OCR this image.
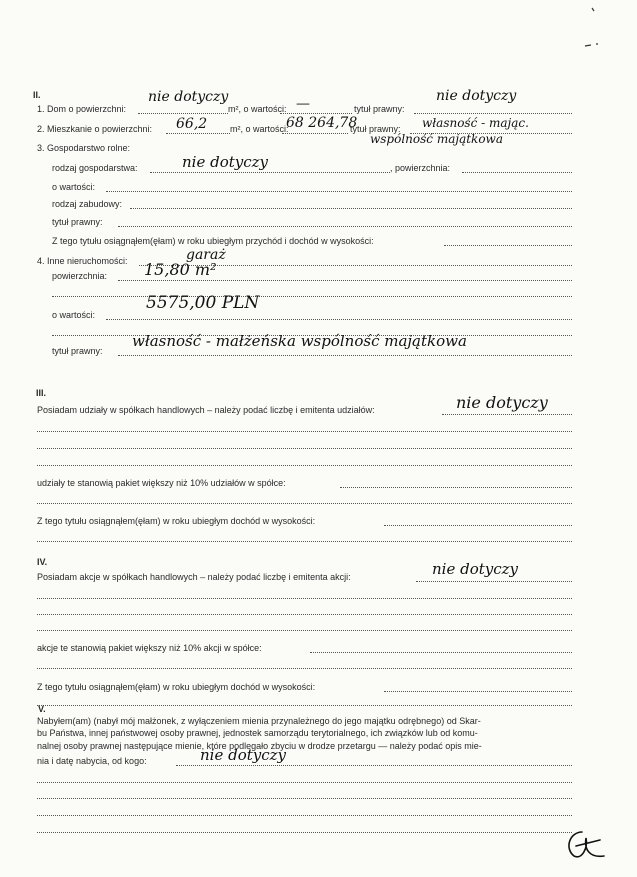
II.
1. Dom o powierzchni:
nie dotyczy
m², o wartości: —	tytuł prawny:
nie dotyczy
2. Mieszkanie o powierzchni: 66,2	m², o wartości:
68 264,78
tytuł prawny: własność - mając.
wspólność majątkowa
3. Gospodarstwo rolne:
rodzaj gospodarstwa:	nie dotyczy	, powierzchnia:
o wartości:
rodzaj zabudowy:
tytuł prawny:
Z tego tytułu osiągnąłem(ęłam) w roku ubiegłym przychód i dochód w wysokości:
4. Inne nieruchomości:	garaż
powierzchnia: 15,80 m²
o wartości:
5575,00 PLN
tytuł prawny:
własność - małżeńska wspólność majątkowa
III.
Posiadam udziały w spółkach handlowych – należy podać liczbę i emitenta udziałów:	nie dotyczy
udziały te stanowią pakiet większy niż 10% udziałów w spółce:
Z tego tytułu osiągnąłem(ęłam) w roku ubiegłym dochód w wysokości:
IV.
Posiadam akcje w spółkach handlowych – należy podać liczbę i emitenta akcji:	nie dotyczy
akcje te stanowią pakiet większy niż 10% akcji w spółce:
Z tego tytułu osiągnąłem(ęłam) w roku ubiegłym dochód w wysokości:
V.
Nabyłem(am) (nabył mój małżonek, z wyłączeniem mienia przynależnego do jego majątku odrębnego) od Skar-
bu Państwa, innej państwowej osoby prawnej, jednostek samorządu terytorialnego, ich związków lub od komu-
nalnej osoby prawnej następujące mienie, które podlegało zbyciu w drodze przetargu — należy podać opis mie-
nia i datę nabycia, od kogo:	nie dotyczy
